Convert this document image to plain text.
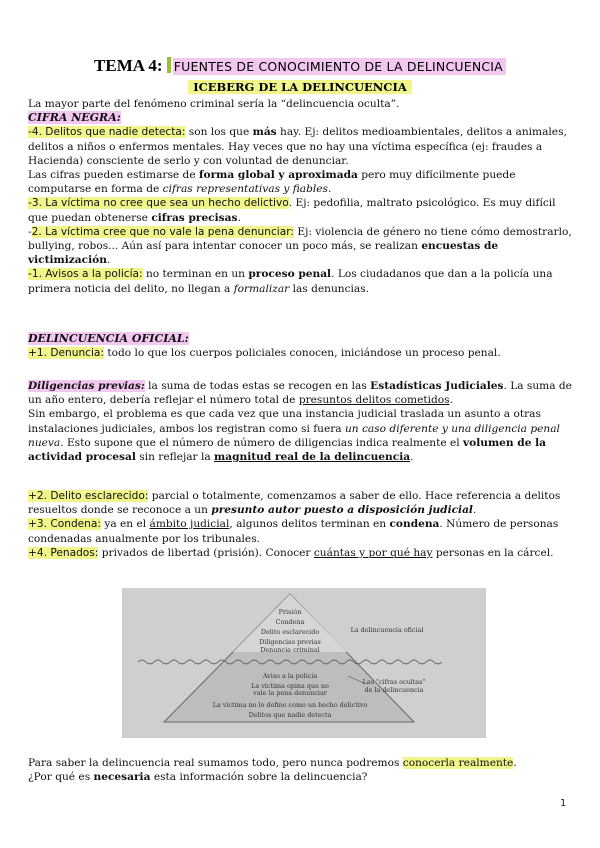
TEMA 4: FUENTES DE CONOCIMIENTO DE LA DELINCUENCIA
ICEBERG DE LA DELINCUENCIA

La mayor parte del fenómeno criminal sería la “delincuencia oculta”.

CIFRA NEGRA:

-4. Delitos que nadie detecta: son los que más hay. Ej: delitos medioambientales, delitos a animales, delitos a niños o enfermos mentales. Hay veces que no hay una víctima específica (ej: fraudes a Hacienda) consciente de serlo y con voluntad de denunciar.

Las cifras pueden estimarse de forma global y aproximada pero muy difícilmente puede computarse en forma de cifras representativas y fiables.

-3. La víctima no cree que sea un hecho delictivo. Ej: pedofilia, maltrato psicológico. Es muy difícil que puedan obtenerse cifras precisas.

-2. La víctima cree que no vale la pena denunciar: Ej: violencia de género no tiene cómo demostrarlo, bullying, robos... Aún así para intentar conocer un poco más, se realizan encuestas de victimización.

-1. Avisos a la policía: no terminan en un proceso penal. Los ciudadanos que dan a la policía una primera noticia del delito, no llegan a formalizar las denuncias.

DELINCUENCIA OFICIAL:

+1. Denuncia: todo lo que los cuerpos policiales conocen, iniciándose un proceso penal.

Diligencias previas: la suma de todas estas se recogen en las Estadísticas Judiciales. La suma de un año entero, debería reflejar el número total de presuntos delitos cometidos.

Sin embargo, el problema es que cada vez que una instancia judicial traslada un asunto a otras instalaciones judiciales, ambos los registran como si fuera un caso diferente y una diligencia penal nueva. Esto supone que el número de número de diligencias indica realmente el volumen de la actividad procesal sin reflejar la magnitud real de la delincuencia.

+2. Delito esclarecido: parcial o totalmente, comenzamos a saber de ello. Hace referencia a delitos resueltos donde se reconoce a un presunto autor puesto a disposición judicial.

+3. Condena: ya en el ámbito judicial, algunos delitos terminan en condena. Número de personas condenadas anualmente por los tribunales.

+4. Penados: privados de libertad (prisión). Conocer cuántas y por qué hay personas en la cárcel.

Prisión
Condena
Delito esclarecido
Diligencias previas
Denuncia criminal
Aviso a la policía
La víctima opina que no
vale la pena denunciar
La víctima no lo define como un hecho delictivo
Delitos que nadie detecta
La delincuencia oficial
Las "cifras ocultas"
de la delincuencia

Para saber la delincuencia real sumamos todo, pero nunca podremos conocerla realmente.

¿Por qué es necesaria esta información sobre la delincuencia?

1
